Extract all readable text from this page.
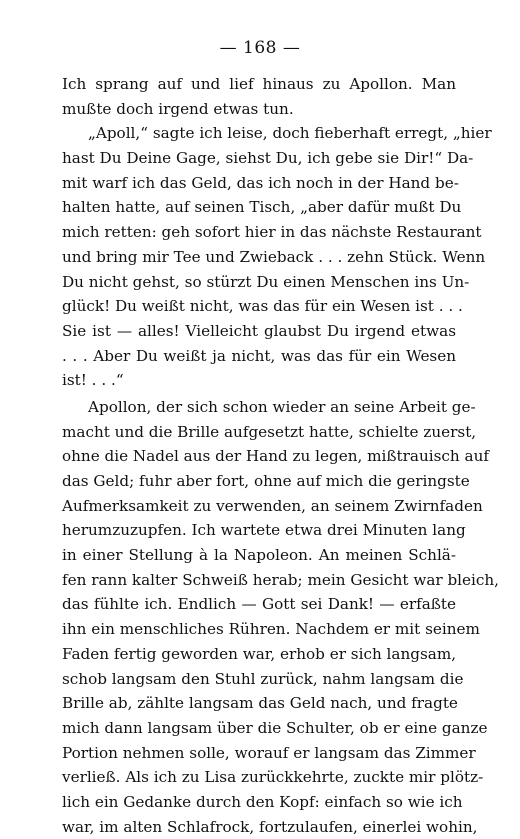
— 168 —
Ich sprang auf und lief hinaus zu Apollon. Man
mußte doch irgend etwas tun.
„Apoll,“ sagte ich leise, doch fieberhaft erregt, „hier
hast Du Deine Gage, siehst Du, ich gebe sie Dir!“ Da-
mit warf ich das Geld, das ich noch in der Hand be-
halten hatte, auf seinen Tisch, „aber dafür mußt Du
mich retten: geh sofort hier in das nächste Restaurant
und bring mir Tee und Zwieback . . . zehn Stück. Wenn
Du nicht gehst, so stürzt Du einen Menschen ins Un-
glück! Du weißt nicht, was das für ein Wesen ist . . .
Sie ist — alles! Vielleicht glaubst Du irgend etwas
. . . Aber Du weißt ja nicht, was das für ein Wesen
ist! . . .“
Apollon, der sich schon wieder an seine Arbeit ge-
macht und die Brille aufgesetzt hatte, schielte zuerst,
ohne die Nadel aus der Hand zu legen, mißtrauisch auf
das Geld; fuhr aber fort, ohne auf mich die geringste
Aufmerksamkeit zu verwenden, an seinem Zwirnfaden
herumzuzupfen. Ich wartete etwa drei Minuten lang
in einer Stellung à la Napoleon. An meinen Schlä-
fen rann kalter Schweiß herab; mein Gesicht war bleich,
das fühlte ich. Endlich — Gott sei Dank! — erfaßte
ihn ein menschliches Rühren. Nachdem er mit seinem
Faden fertig geworden war, erhob er sich langsam,
schob langsam den Stuhl zurück, nahm langsam die
Brille ab, zählte langsam das Geld nach, und fragte
mich dann langsam über die Schulter, ob er eine ganze
Portion nehmen solle, worauf er langsam das Zimmer
verließ. Als ich zu Lisa zurückkehrte, zuckte mir plötz-
lich ein Gedanke durch den Kopf: einfach so wie ich
war, im alten Schlafrock, fortzulaufen, einerlei wohin,
